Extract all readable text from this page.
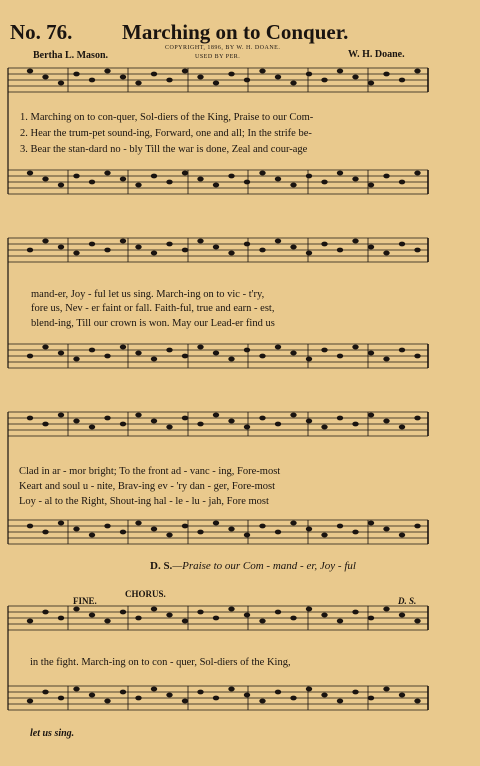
No. 76. Marching on to Conquer.
COPYRIGHT, 1896, BY W. H. DOANE.
Bertha L. Mason.	USED BY PER.	W. H. Doane.
1. Marching on to con-quer, Sol-diers of the King, Praise to our Com-
2. Hear the trum-pet sound-ing, Forward, one and all; In the strife be-
3. Bear the stan-dard no - bly Till the war is done, Zeal and cour-age
mand-er, Joy - ful let us sing. March-ing on to vic - t'ry,
fore us, Nev - er faint or fall. Faith-ful, true and earn - est,
blend-ing, Till our crown is won. May our Lead-er find us
Clad in ar - mor bright; To the front ad - vanc - ing, Fore-most
Keart and soul u - nite, Brav-ing ev - 'ry dan - ger, Fore-most
Loy - al to the Right, Shout-ing hal - le - lu - jah, Fore most
D. S.—Praise to our Com - mand - er, Joy - ful
FINE.
CHORUS.
D. S.
in the fight. March-ing on to con - quer, Sol-diers of the King,
let us sing.
